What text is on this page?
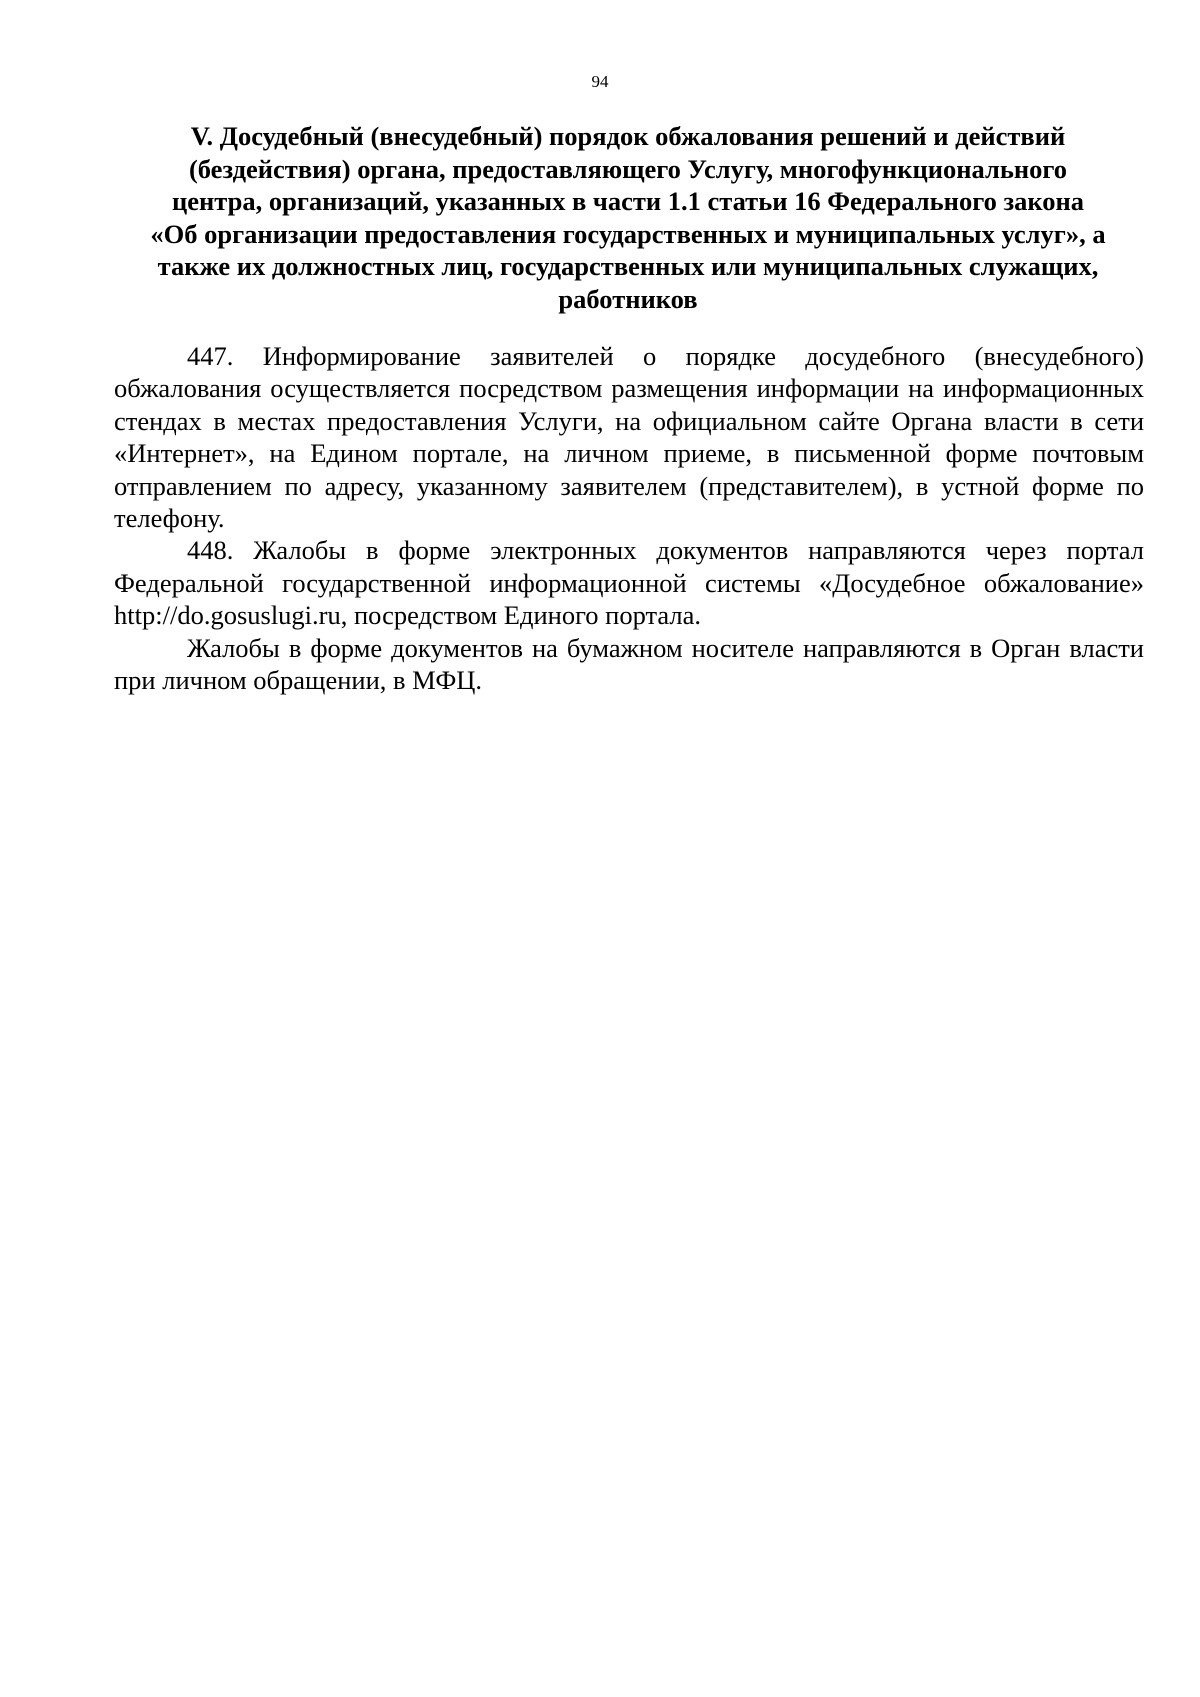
94
V. Досудебный (внесудебный) порядок обжалования решений и действий
(бездействия) органа, предоставляющего Услугу, многофункционального
центра, организаций, указанных в части 1.1 статьи 16 Федерального закона
«Об организации предоставления государственных и муниципальных услуг», а
также их должностных лиц, государственных или муниципальных служащих,
работников

447. Информирование заявителей о порядке досудебного (внесудебного) обжалования осуществляется посредством размещения информации на информационных стендах в местах предоставления Услуги, на официальном сайте Органа власти в сети «Интернет», на Едином портале, на личном приеме, в письменной форме почтовым отправлением по адресу, указанному заявителем (представителем), в устной форме по телефону.

448. Жалобы в форме электронных документов направляются через портал Федеральной государственной информационной системы «Досудебное обжалование» http://do.gosuslugi.ru, посредством Единого портала.

Жалобы в форме документов на бумажном носителе направляются в Орган власти при личном обращении, в МФЦ.
